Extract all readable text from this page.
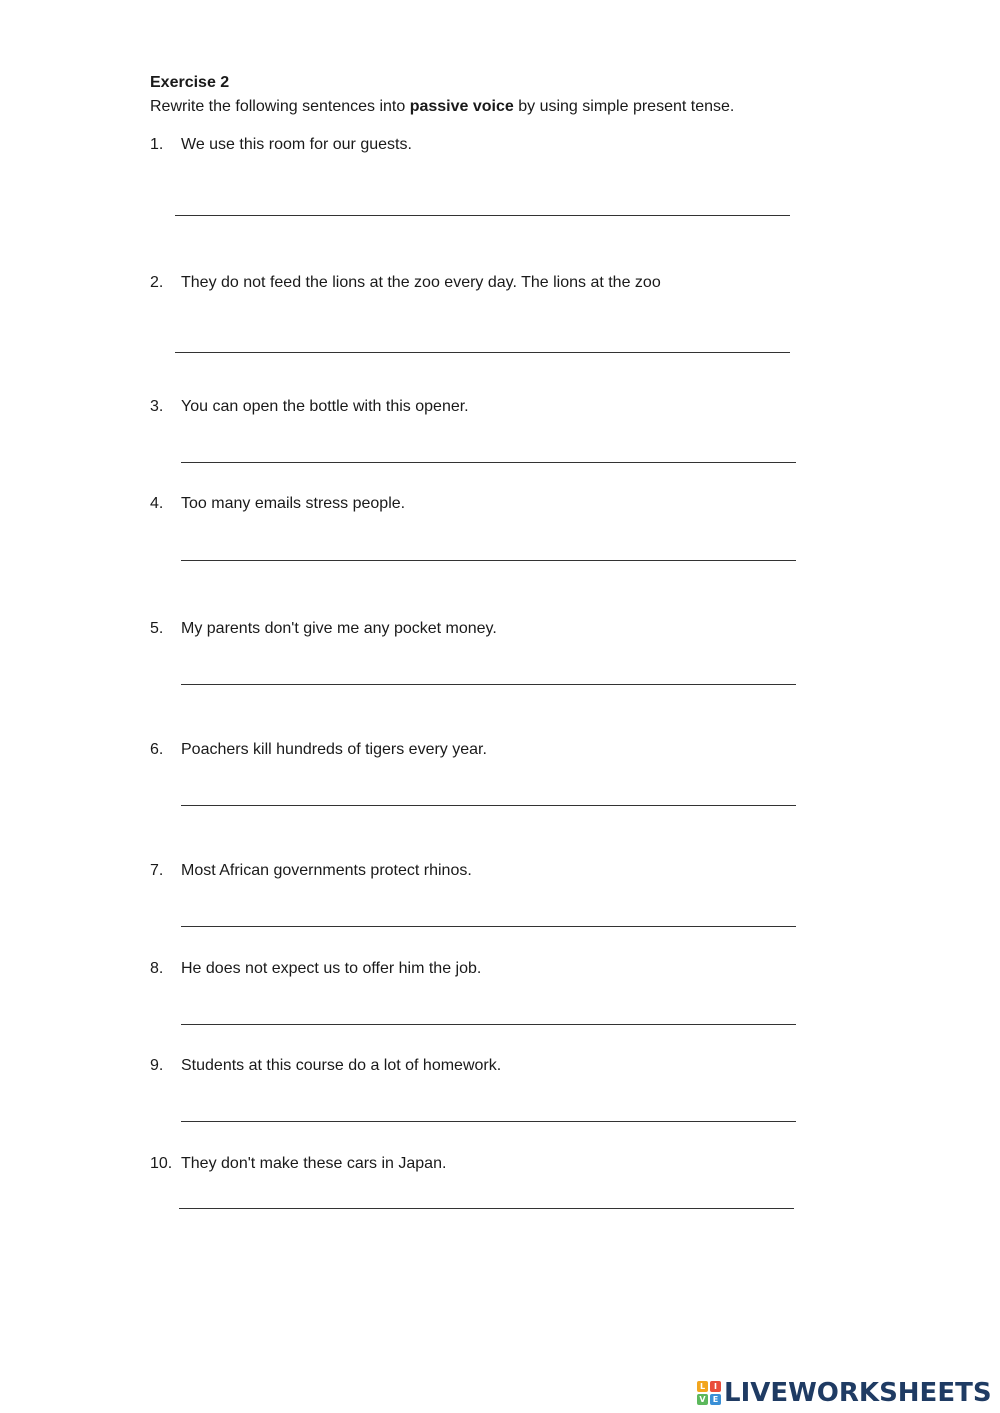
Exercise 2
Rewrite the following sentences into passive voice by using simple present tense.
1. We use this room for our guests.
2. They do not feed the lions at the zoo every day. The lions at the zoo
3. You can open the bottle with this opener.
4. Too many emails stress people.
5. My parents don't give me any pocket money.
6. Poachers kill hundreds of tigers every year.
7. Most African governments protect rhinos.
8. He does not expect us to offer him the job.
9. Students at this course do a lot of homework.
10. They don't make these cars in Japan.
L	I
V E LIVEWORKSHEETS
